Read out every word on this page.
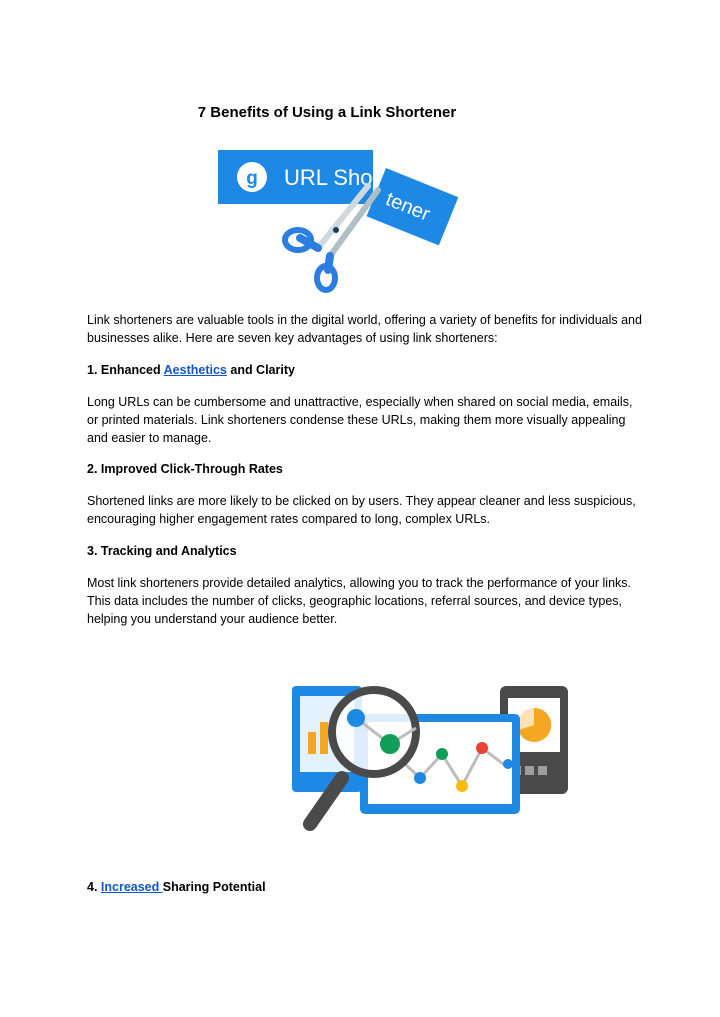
7 Benefits of Using a Link Shortener
g URL Shor
tener

Link shorteners are valuable tools in the digital world, offering a variety of benefits for individuals and businesses alike. Here are seven key advantages of using link shorteners:

1. Enhanced Aesthetics and Clarity

Long URLs can be cumbersome and unattractive, especially when shared on social media, emails, or printed materials. Link shorteners condense these URLs, making them more visually appealing and easier to manage.

2. Improved Click-Through Rates

Shortened links are more likely to be clicked on by users. They appear cleaner and less suspicious, encouraging higher engagement rates compared to long, complex URLs.

3. Tracking and Analytics

Most link shorteners provide detailed analytics, allowing you to track the performance of your links. This data includes the number of clicks, geographic locations, referral sources, and device types, helping you understand your audience better.

4. Increased Sharing Potential
